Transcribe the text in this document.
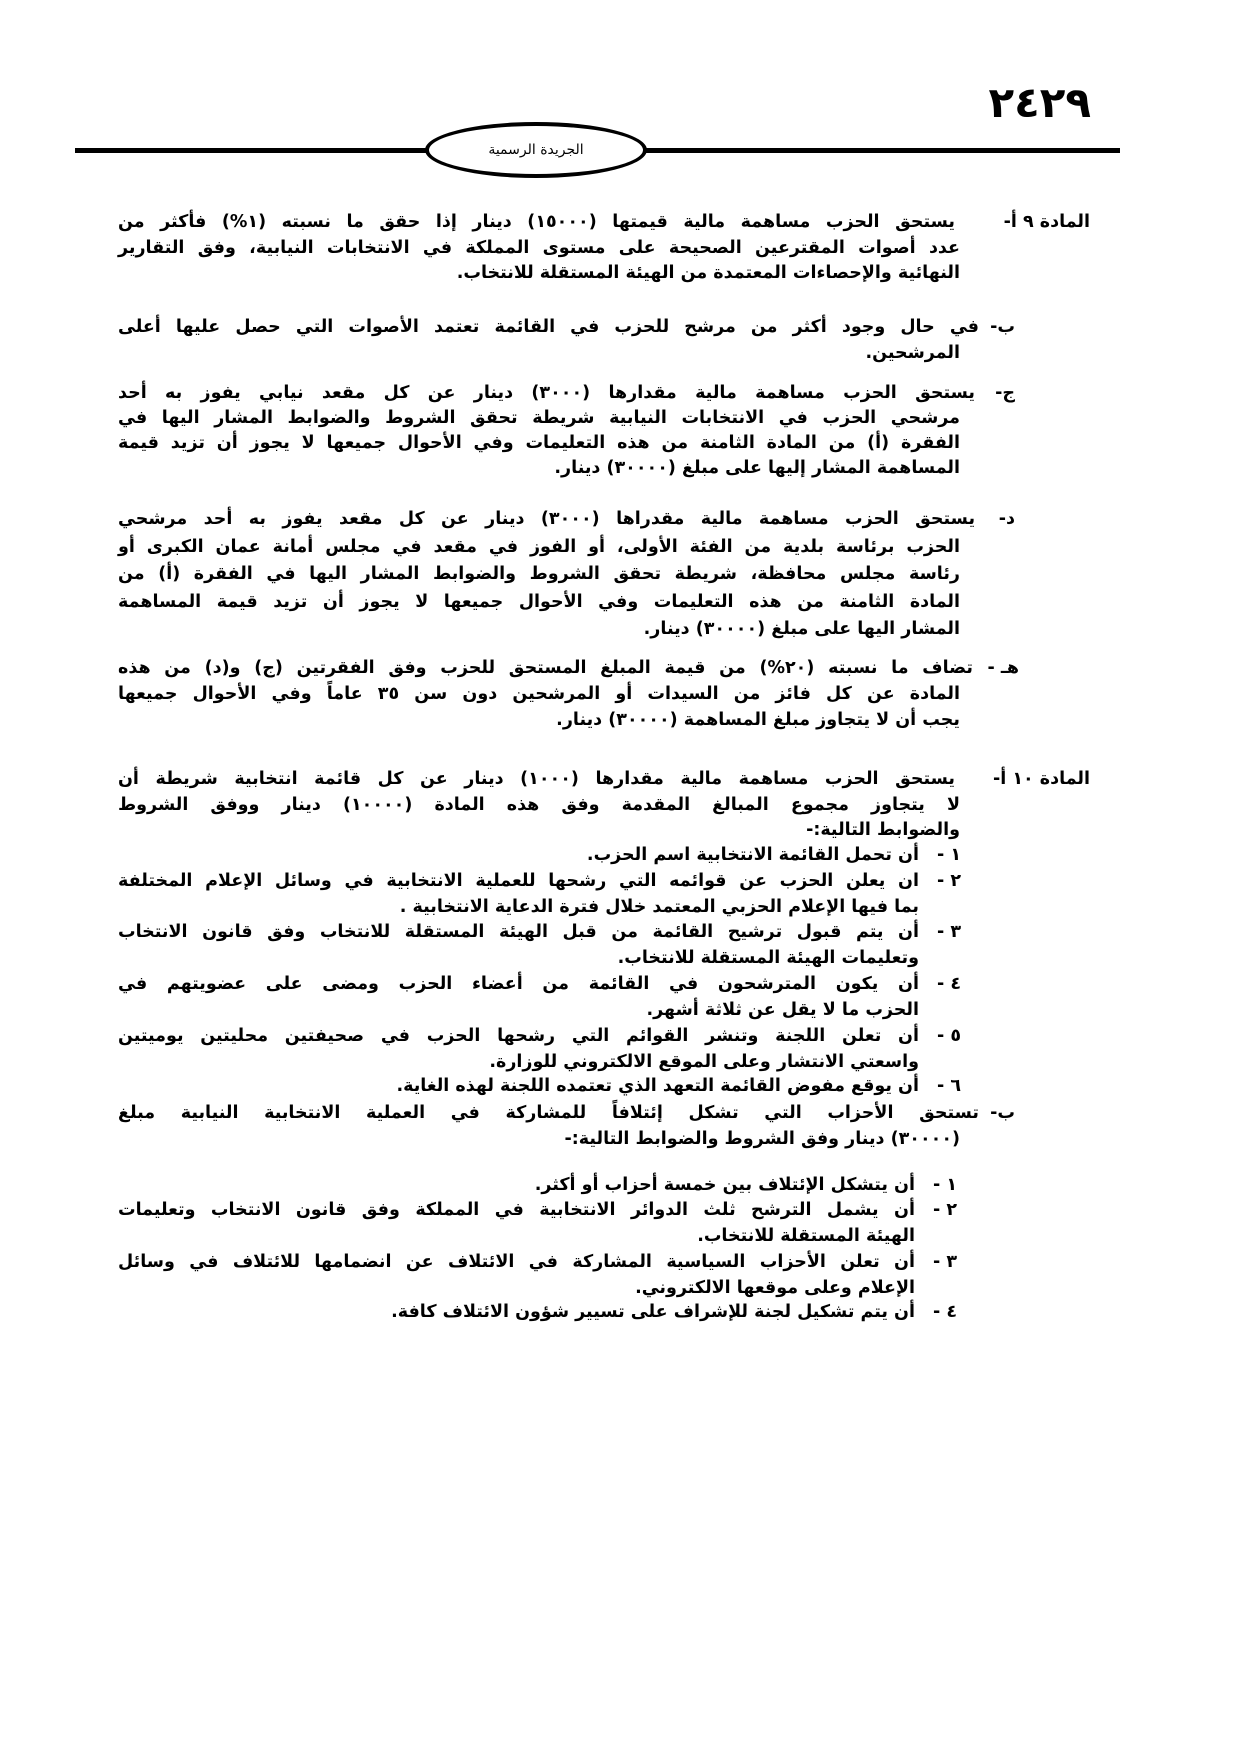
٢٤٢٩
الجريدة الرسمية
المادة ٩ أ-
يستحق الحزب مساهمة مالية قيمتها (١٥٠٠٠) دينار إذا حقق ما نسبته (١%) فأكثر من
عدد أصوات المقترعين الصحيحة على مستوى المملكة في الانتخابات النيابية، وفق التقارير
النهائية والإحصاءات المعتمدة من الهيئة المستقلة للانتخاب.
ب-
في حال وجود أكثر من مرشح للحزب في القائمة تعتمد الأصوات التي حصل عليها أعلى
المرشحين.
ج-
يستحق الحزب مساهمة مالية مقدارها (٣٠٠٠) دينار عن كل مقعد نيابي يفوز به أحد
مرشحي الحزب في الانتخابات النيابية شريطة تحقق الشروط والضوابط المشار اليها في
الفقرة (أ) من المادة الثامنة من هذه التعليمات وفي الأحوال جميعها لا يجوز أن تزيد قيمة
المساهمة المشار إليها على مبلغ (٣٠٠٠٠) دينار.
د-
يستحق الحزب مساهمة مالية مقدراها (٣٠٠٠) دينار عن كل مقعد يفوز به أحد مرشحي
الحزب برئاسة بلدية من الفئة الأولى، أو الفوز في مقعد في مجلس أمانة عمان الكبرى أو
رئاسة مجلس محافظة، شريطة تحقق الشروط والضوابط المشار اليها في الفقرة (أ) من
المادة الثامنة من هذه التعليمات وفي الأحوال جميعها لا يجوز أن تزيد قيمة المساهمة
المشار اليها على مبلغ (٣٠٠٠٠) دينار.
هـ -
تضاف ما نسبته (٢٠%) من قيمة المبلغ المستحق للحزب وفق الفقرتين (ج) و(د) من هذه
المادة عن كل فائز من السيدات أو المرشحين دون سن ٣٥ عاماً وفي الأحوال جميعها
يجب أن لا يتجاوز مبلغ المساهمة (٣٠٠٠٠) دينار.
المادة ١٠ أ-
يستحق الحزب مساهمة مالية مقدارها (١٠٠٠) دينار عن كل قائمة انتخابية شريطة أن
لا يتجاوز مجموع المبالغ المقدمة وفق هذه المادة (١٠٠٠٠) دينار ووفق الشروط
والضوابط التالية:-
١ -
أن تحمل القائمة الانتخابية اسم الحزب.
٢ -
ان يعلن الحزب عن قوائمه التي رشحها للعملية الانتخابية في وسائل الإعلام المختلفة
بما فيها الإعلام الحزبي المعتمد خلال فترة الدعاية الانتخابية .
٣ -
أن يتم قبول ترشيح القائمة من قبل الهيئة المستقلة للانتخاب وفق قانون الانتخاب
وتعليمات الهيئة المستقلة للانتخاب.
٤ -
أن يكون المترشحون في القائمة من أعضاء الحزب ومضى على عضويتهم في
الحزب ما لا يقل عن ثلاثة أشهر.
٥ -
أن تعلن اللجنة وتنشر القوائم التي رشحها الحزب في صحيفتين محليتين يوميتين
واسعتي الانتشار وعلى الموقع الالكتروني للوزارة.
٦ -
أن يوقع مفوض القائمة التعهد الذي تعتمده اللجنة لهذه الغاية.
ب-
تستحق الأحزاب التي تشكل إئتلافاً للمشاركة في العملية الانتخابية النيابية مبلغ
(٣٠٠٠٠) دينار وفق الشروط والضوابط التالية:-
١ -
أن يتشكل الإئتلاف بين خمسة أحزاب أو أكثر.
٢ -
أن يشمل الترشح ثلث الدوائر الانتخابية في المملكة وفق قانون الانتخاب وتعليمات
الهيئة المستقلة للانتخاب.
٣ -
أن تعلن الأحزاب السياسية المشاركة في الائتلاف عن انضمامها للائتلاف في وسائل
الإعلام وعلى موقعها الالكتروني.
٤ -
أن يتم تشكيل لجنة للإشراف على تسيير شؤون الائتلاف كافة.
